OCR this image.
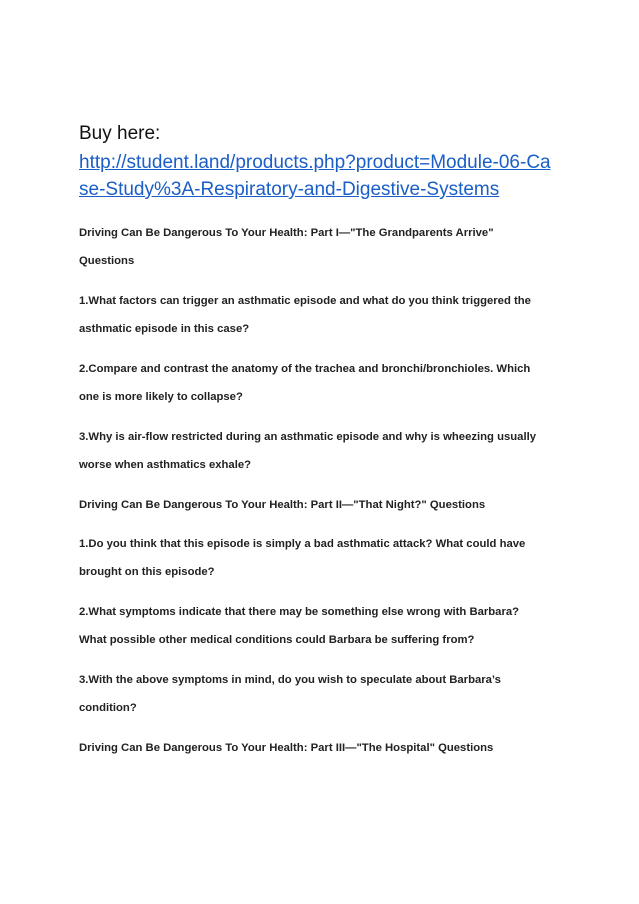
Buy here:

http://student.land/products.php?product=Module-06-Ca
se-Study%3A-Respiratory-and-Digestive-Systems

Driving Can Be Dangerous To Your Health: Part I—"The Grandparents Arrive"
Questions

1.What factors can trigger an asthmatic episode and what do you think triggered the
asthmatic episode in this case?

2.Compare and contrast the anatomy of the trachea and bronchi/bronchioles. Which
one is more likely to collapse?

3.Why is air-flow restricted during an asthmatic episode and why is wheezing usually
worse when asthmatics exhale?

Driving Can Be Dangerous To Your Health: Part II—"That Night?" Questions

1.Do you think that this episode is simply a bad asthmatic attack? What could have
brought on this episode?

2.What symptoms indicate that there may be something else wrong with Barbara?
What possible other medical conditions could Barbara be suffering from?

3.With the above symptoms in mind, do you wish to speculate about Barbara’s
condition?

Driving Can Be Dangerous To Your Health: Part III—"The Hospital" Questions
